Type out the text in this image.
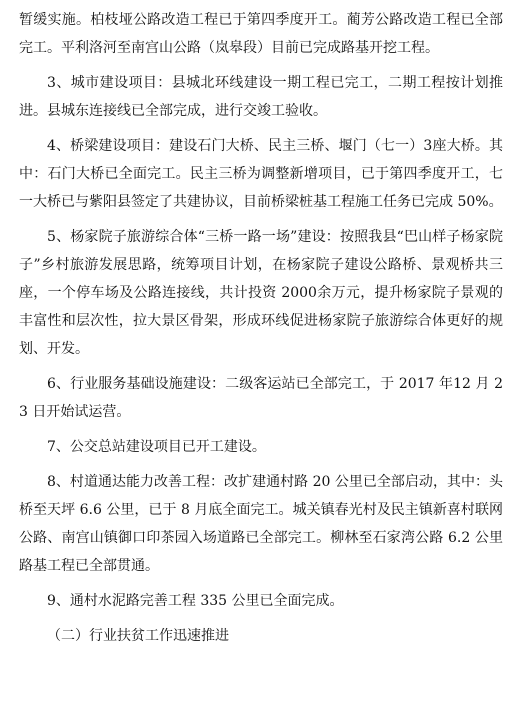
暂缓实施。柏枝垭公路改造工程已于第四季度开工。蔺芳公路改造工程已全部完工。平利洛河至南宫山公路（岚皋段）目前已完成路基开挖工程。

3、城市建设项目：县城北环线建设一期工程已完工，二期工程按计划推进。县城东连接线已全部完成，进行交竣工验收。

4、桥梁建设项目：建设石门大桥、民主三桥、堰门（七一）3座大桥。其中：石门大桥已全面完工。民主三桥为调整新增项目，已于第四季度开工，七一大桥已与紫阳县签定了共建协议，目前桥梁桩基工程施工任务已完成 50%。

5、杨家院子旅游综合体“三桥一路一场”建设：按照我县“巴山样子杨家院子”乡村旅游发展思路，统筹项目计划，在杨家院子建设公路桥、景观桥共三座，一个停车场及公路连接线，共计投资 2000余万元，提升杨家院子景观的丰富性和层次性，拉大景区骨架，形成环线促进杨家院子旅游综合体更好的规划、开发。

6、行业服务基础设施建设：二级客运站已全部完工，于 2017 年12 月 23 日开始试运营。

7、公交总站建设项目已开工建设。

8、村道通达能力改善工程：改扩建通村路 20 公里已全部启动，其中：头桥至天坪 6.6 公里，已于 8 月底全面完工。城关镇春光村及民主镇新喜村联网公路、南宫山镇御口印茶园入场道路已全部完工。柳林至石家湾公路 6.2 公里路基工程已全部贯通。

9、通村水泥路完善工程 335 公里已全面完成。

（二）行业扶贫工作迅速推进
